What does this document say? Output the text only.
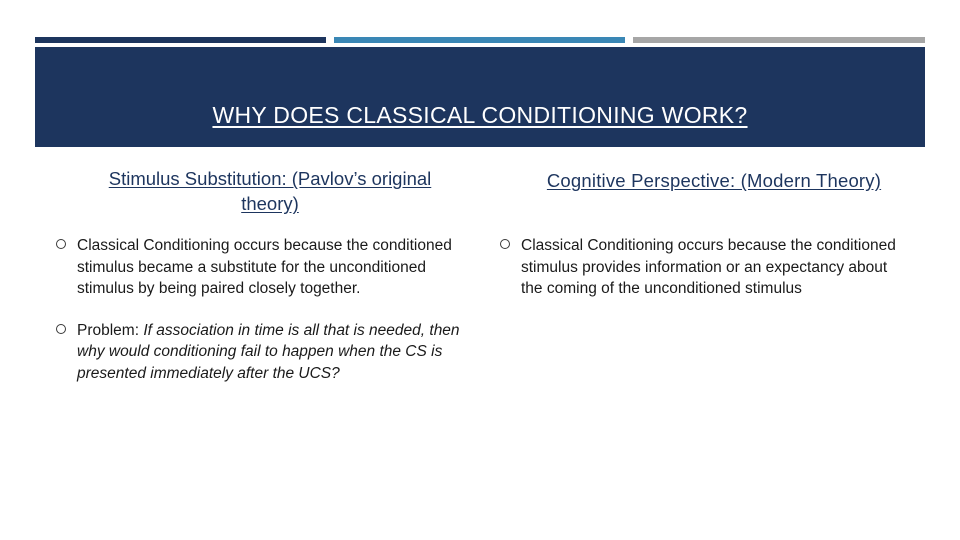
WHY DOES CLASSICAL CONDITIONING WORK?

Stimulus Substitution: (Pavlov’s original theory)

Cognitive Perspective: (Modern Theory)

Classical Conditioning occurs because the conditioned stimulus became a substitute for the unconditioned stimulus by being paired closely together.
Problem: If association in time is all that is needed, then why would conditioning fail to happen when the CS is presented immediately after the UCS?
Classical Conditioning occurs because the conditioned stimulus provides information or an expectancy about the coming of the unconditioned stimulus
